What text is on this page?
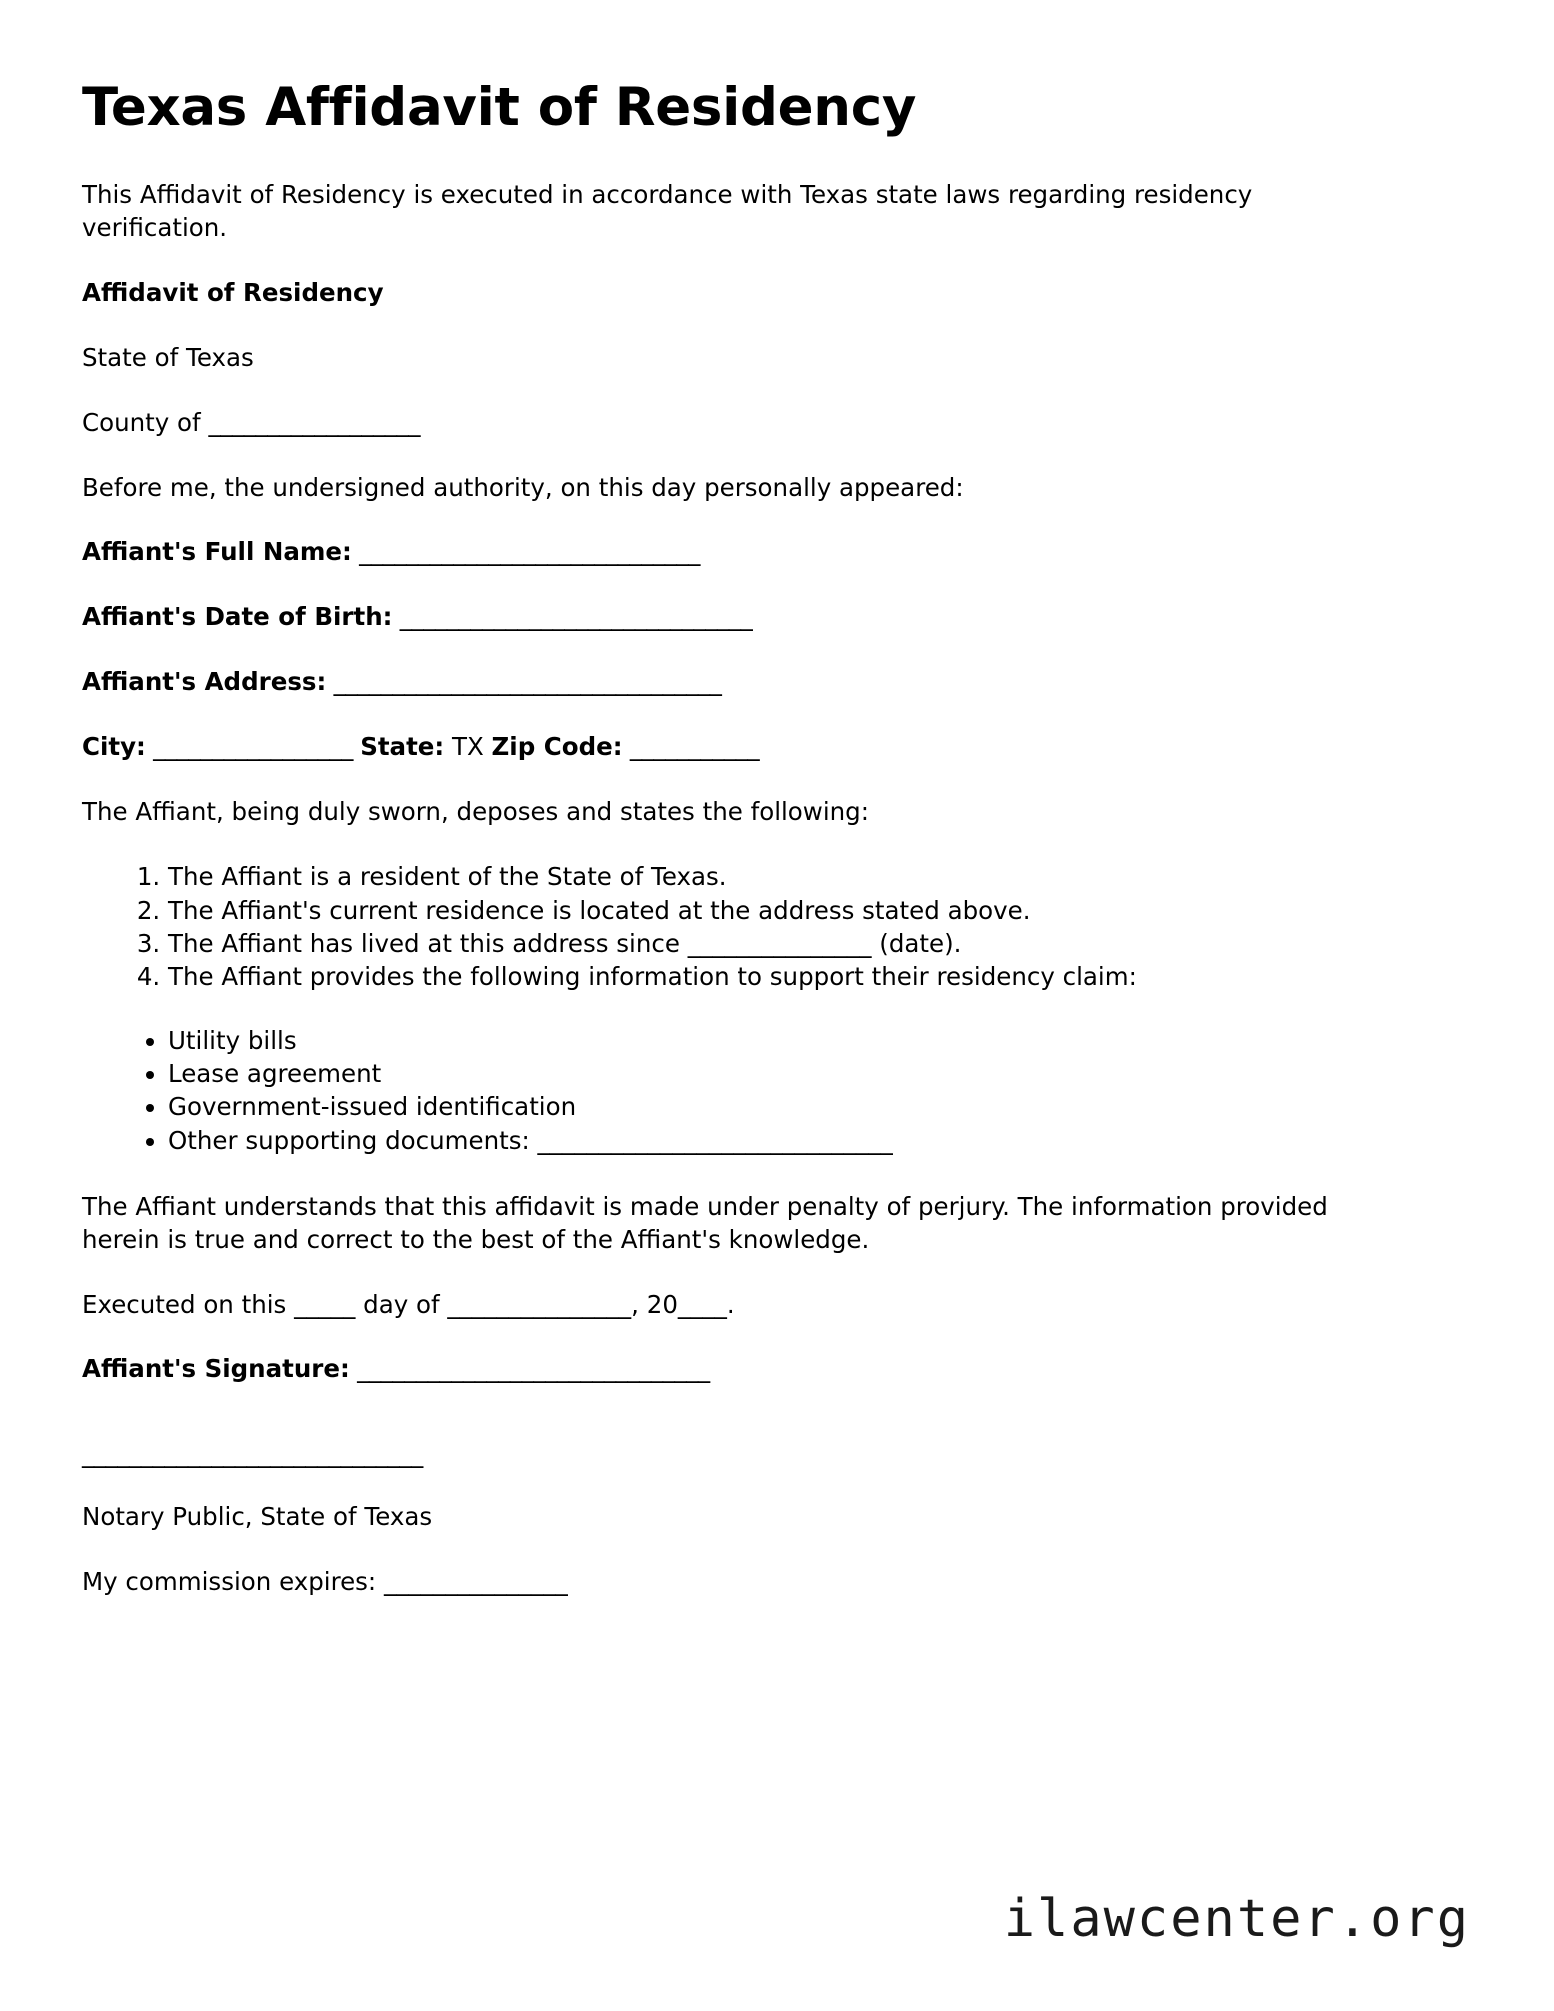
Texas Affidavit of Residency

This Affidavit of Residency is executed in accordance with Texas state laws regarding residency verification.

Affidavit of Residency

State of Texas

County of __________________

Before me, the undersigned authority, on this day personally appeared:

Affiant's Full Name: _____________________________

Affiant's Date of Birth: ______________________________

Affiant's Address: _________________________________

City: _________________ State: TX Zip Code: ___________

The Affiant, being duly sworn, deposes and states the following:

1. The Affiant is a resident of the State of Texas.
2. The Affiant's current residence is located at the address stated above.
3. The Affiant has lived at this address since _______________ (date).
4. The Affiant provides the following information to support their residency claim:
• Utility bills
• Lease agreement
• Government-issued identification
• Other supporting documents: _____________________________

The Affiant understands that this affidavit is made under penalty of perjury. The information provided herein is true and correct to the best of the Affiant's knowledge.

Executed on this _____ day of _______________, 20____.

Affiant's Signature: ______________________________

_____________________________

Notary Public, State of Texas

My commission expires: _______________

ilawcenter.org
